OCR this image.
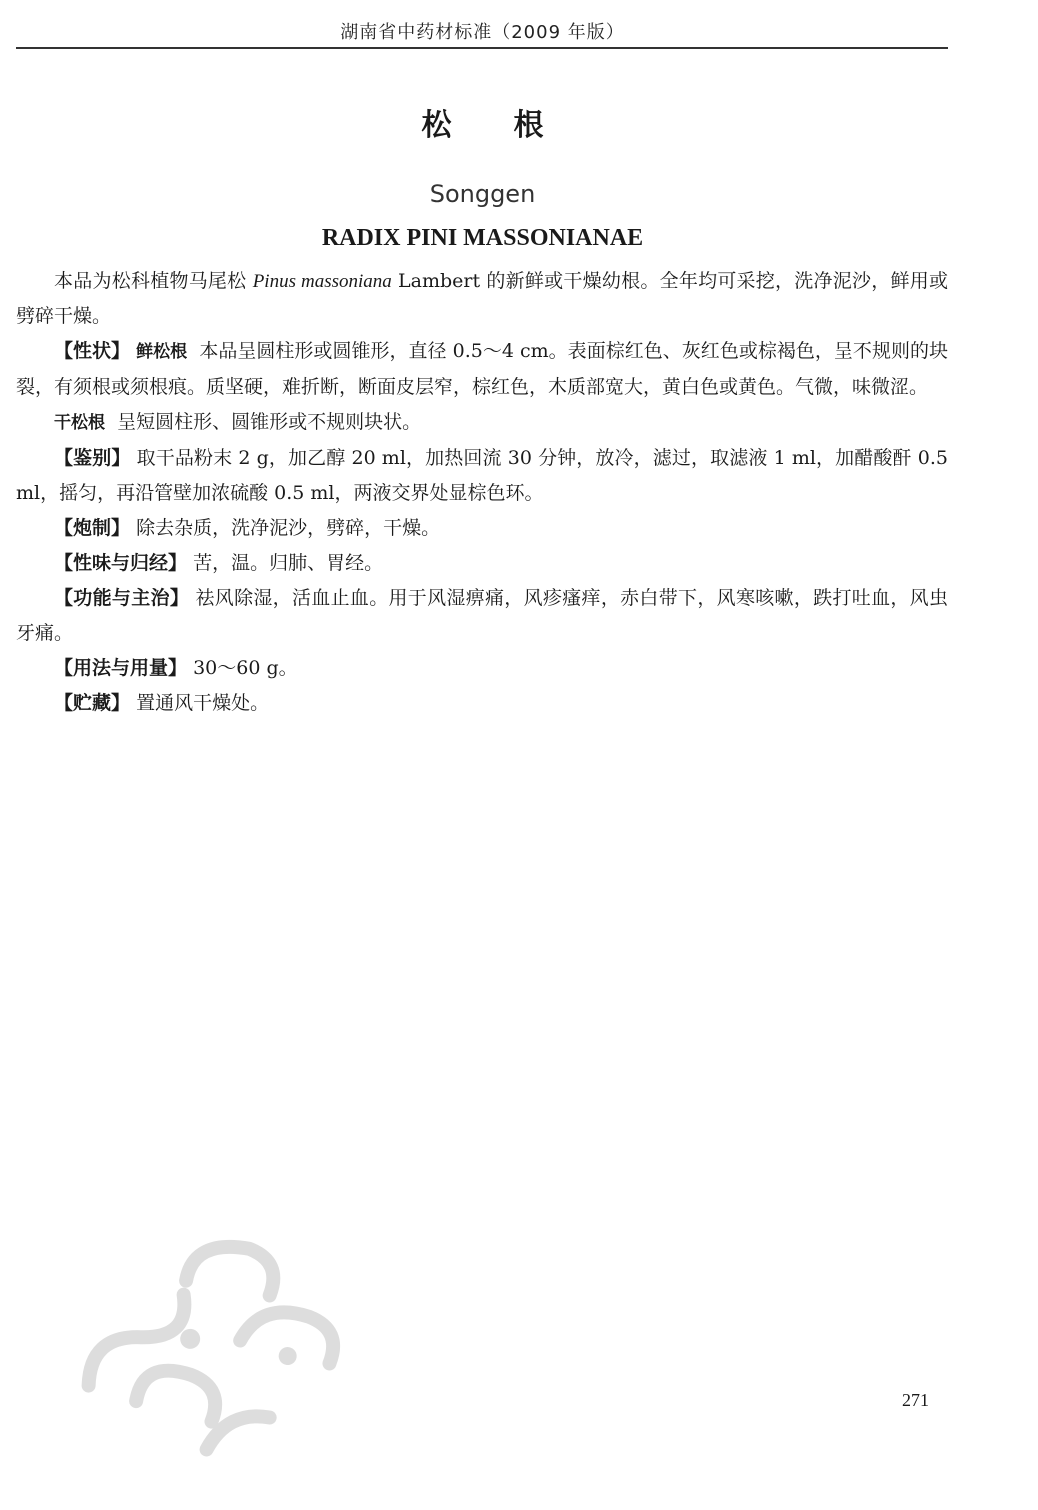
湖南省中药材标准（2009 年版）
松 根
Songgen
RADIX PINI MASSONIANAE

本品为松科植物马尾松 Pinus massoniana Lambert 的新鲜或干燥幼根。全年均可采挖，洗净泥沙，鲜用或劈碎干燥。

【性状】 鲜松根 本品呈圆柱形或圆锥形，直径 0.5～4 cm。表面棕红色、灰红色或棕褐色，呈不规则的块裂，有须根或须根痕。质坚硬，难折断，断面皮层窄，棕红色，木质部宽大，黄白色或黄色。气微，味微涩。

干松根 呈短圆柱形、圆锥形或不规则块状。

【鉴别】 取干品粉末 2 g，加乙醇 20 ml，加热回流 30 分钟，放冷，滤过，取滤液 1 ml，加醋酸酐 0.5 ml，摇匀，再沿管壁加浓硫酸 0.5 ml，两液交界处显棕色环。

【炮制】 除去杂质，洗净泥沙，劈碎，干燥。

【性味与归经】 苦，温。归肺、胃经。

【功能与主治】 祛风除湿，活血止血。用于风湿痹痛，风疹瘙痒，赤白带下，风寒咳嗽，跌打吐血，风虫牙痛。

【用法与用量】 30～60 g。

【贮藏】 置通风干燥处。

271
